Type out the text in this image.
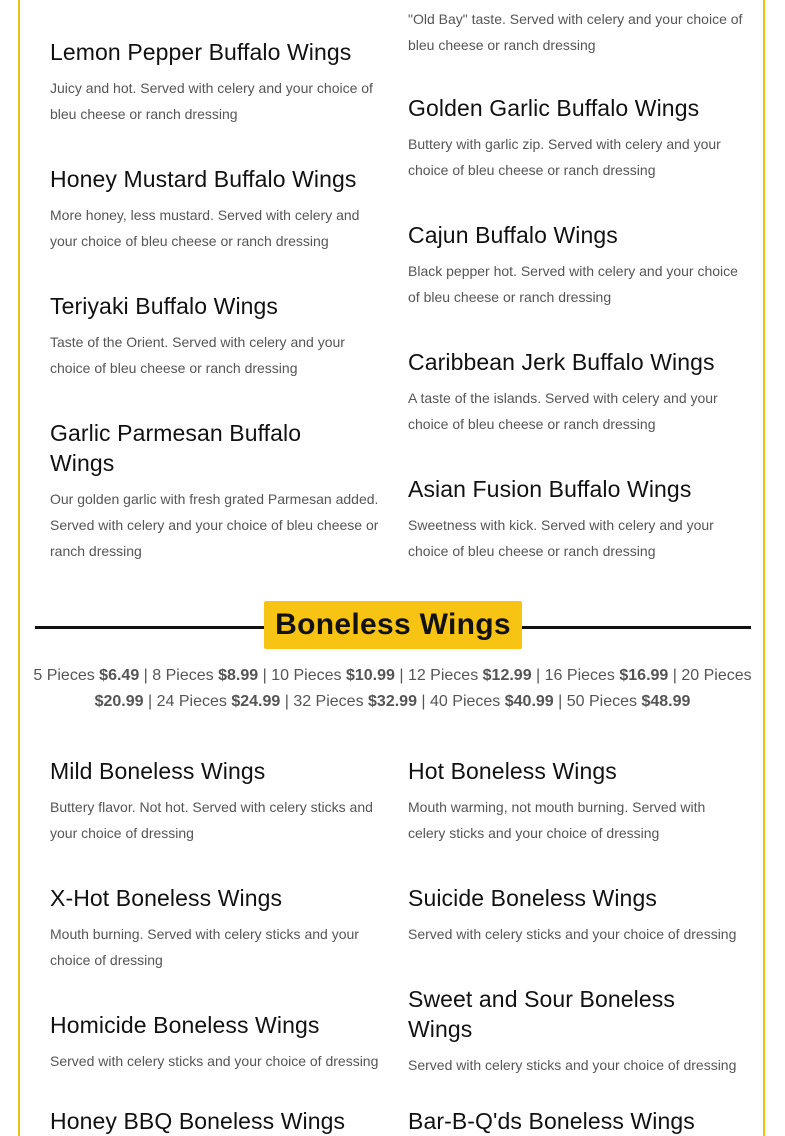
"Old Bay" taste. Served with celery and your choice of bleu cheese or ranch dressing

Lemon Pepper Buffalo Wings

Juicy and hot. Served with celery and your choice of bleu cheese or ranch dressing

Honey Mustard Buffalo Wings

More honey, less mustard. Served with celery and your choice of bleu cheese or ranch dressing

Teriyaki Buffalo Wings

Taste of the Orient. Served with celery and your choice of bleu cheese or ranch dressing

Garlic Parmesan Buffalo Wings

Our golden garlic with fresh grated Parmesan added. Served with celery and your choice of bleu cheese or ranch dressing

Golden Garlic Buffalo Wings

Buttery with garlic zip. Served with celery and your choice of bleu cheese or ranch dressing

Cajun Buffalo Wings

Black pepper hot. Served with celery and your choice of bleu cheese or ranch dressing

Caribbean Jerk Buffalo Wings

A taste of the islands. Served with celery and your choice of bleu cheese or ranch dressing

Asian Fusion Buffalo Wings

Sweetness with kick. Served with celery and your choice of bleu cheese or ranch dressing

Boneless Wings
5 Pieces $6.49 | 8 Pieces $8.99 | 10 Pieces $10.99 | 12 Pieces $12.99 | 16 Pieces $16.99 | 20 Pieces
$20.99 | 24 Pieces $24.99 | 32 Pieces $32.99 | 40 Pieces $40.99 | 50 Pieces $48.99
Mild Boneless Wings

Buttery flavor. Not hot. Served with celery sticks and your choice of dressing

X-Hot Boneless Wings

Mouth burning. Served with celery sticks and your choice of dressing

Homicide Boneless Wings

Served with celery sticks and your choice of dressing

Honey BBQ Boneless Wings
Hot Boneless Wings

Mouth warming, not mouth burning. Served with celery sticks and your choice of dressing

Suicide Boneless Wings

Served with celery sticks and your choice of dressing

Sweet and Sour Boneless Wings

Served with celery sticks and your choice of dressing

Bar-B-Q'ds Boneless Wings
